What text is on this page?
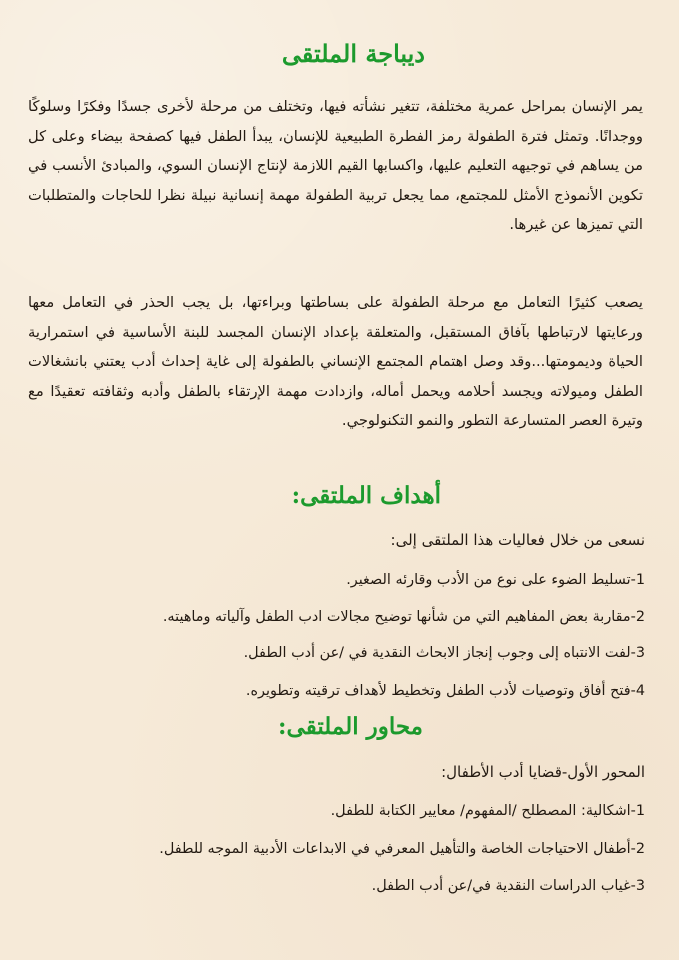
ديباجة الملتقى
يمر الإنسان بمراحل عمرية مختلفة، تتغير نشأته فيها، وتختلف من مرحلة لأخرى جسدًا وفكرًا وسلوكًا ووجدانًا. وتمثل فترة الطفولة رمز الفطرة الطبيعية للإنسان، يبدأ الطفل فيها كصفحة بيضاء وعلى كل من يساهم في توجيهه التعليم عليها، واكسابها القيم اللازمة لإنتاج الإنسان السوي، والمبادئ الأنسب في تكوين الأنموذج الأمثل للمجتمع، مما يجعل تربية الطفولة مهمة إنسانية نبيلة نظرا للحاجات والمتطلبات التي تميزها عن غيرها.
يصعب كثيرًا التعامل مع مرحلة الطفولة على بساطتها وبراءتها، بل يجب الحذر في التعامل معها ورعايتها لارتباطها بآفاق المستقبل، والمتعلقة بإعداد الإنسان المجسد للبنة الأساسية في استمرارية الحياة وديمومتها...وقد وصل اهتمام المجتمع الإنساني بالطفولة إلى غاية إحداث أدب يعتني بانشغالات الطفل وميولاته ويجسد أحلامه ويحمل أماله، وازدادت مهمة الإرتقاء بالطفل وأدبه وثقافته تعقيدًا مع وتيرة العصر المتسارعة التطور والنمو التكنولوجي.
أهداف الملتقى:
نسعى من خلال فعاليات هذا الملتقى إلى:
1-تسليط الضوء على نوع من الأدب وقارئه الصغير.
2-مقاربة بعض المفاهيم التي من شأنها توضيح مجالات ادب الطفل وآلياته وماهيته.
3-لفت الانتباه إلى وجوب إنجاز الابحاث النقدية في /عن أدب الطفل.
4-فتح أفاق وتوصيات لأدب الطفل وتخطيط لأهداف ترقيته وتطويره.
محاور الملتقى:
المحور الأول-قضايا أدب الأطفال:
1-اشكالية: المصطلح /المفهوم/ معايير الكتابة للطفل.
2-أطفال الاحتياجات الخاصة والتأهيل المعرفي في الابداعات الأدبية الموجه للطفل.
3-غياب الدراسات النقدية في/عن أدب الطفل.
